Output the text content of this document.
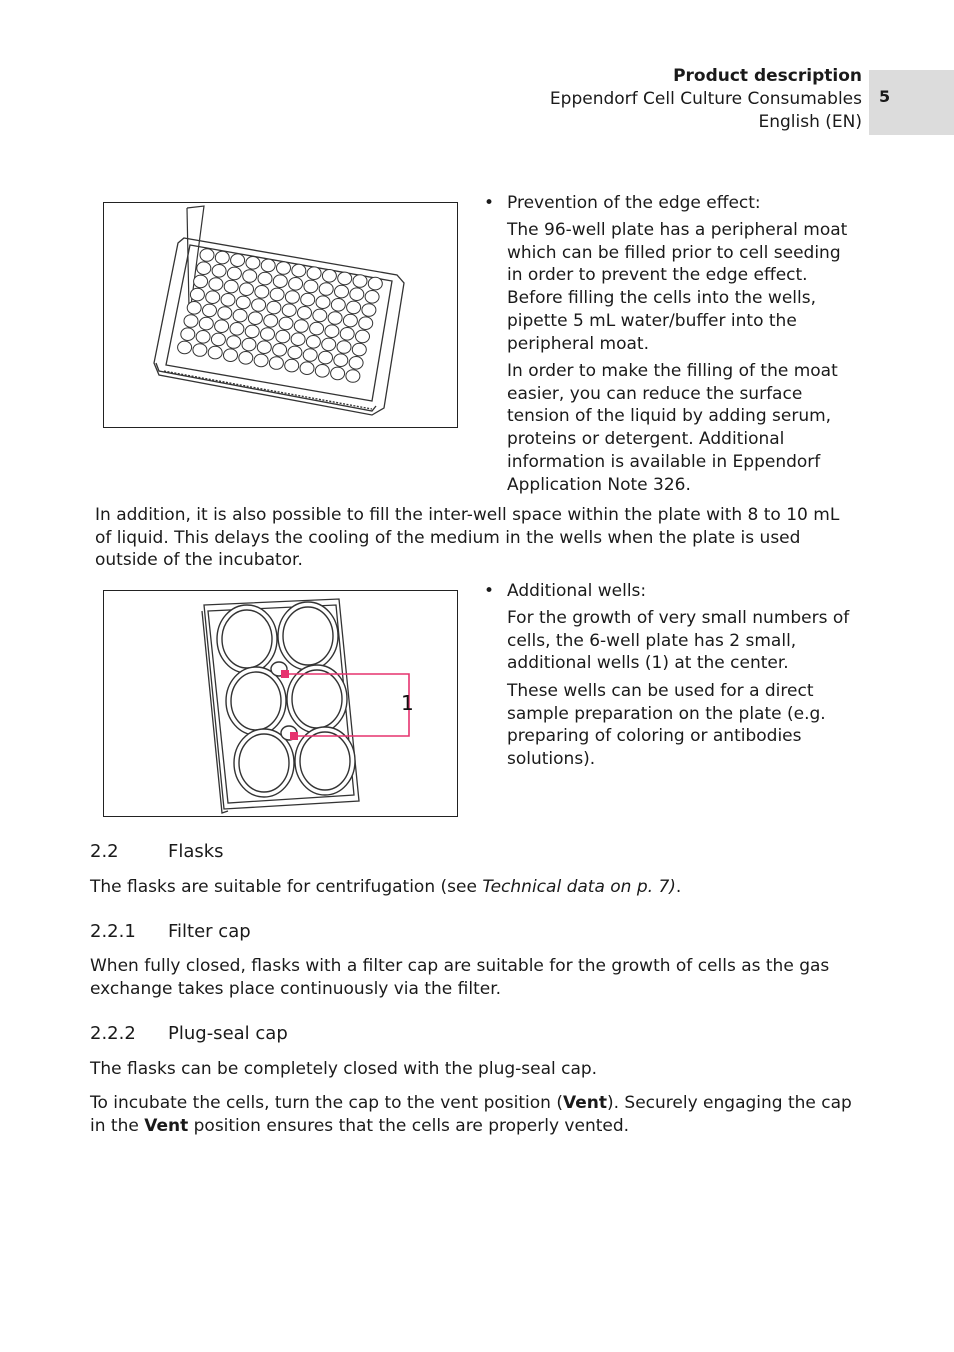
Product description
Eppendorf Cell Culture Consumables
English (EN)
5
• Prevention of the edge effect:
The 96-well plate has a peripheral moat
which can be filled prior to cell seeding
in order to prevent the edge effect.
Before filling the cells into the wells,
pipette 5 mL water/buffer into the
peripheral moat.
In order to make the filling of the moat
easier, you can reduce the surface
tension of the liquid by adding serum,
proteins or detergent. Additional
information is available in Eppendorf
Application Note 326.
In addition, it is also possible to fill the inter-well space within the plate with 8 to 10 mL
of liquid. This delays the cooling of the medium in the wells when the plate is used
outside of the incubator.
1
• Additional wells:
For the growth of very small numbers of
cells, the 6-well plate has 2 small,
additional wells (1) at the center.
These wells can be used for a direct
sample preparation on the plate (e.g.
preparing of coloring or antibodies
solutions).
2.2	Flasks
The flasks are suitable for centrifugation (see Technical data on p. 7).
2.2.1 Filter cap
When fully closed, flasks with a filter cap are suitable for the growth of cells as the gas
exchange takes place continuously via the filter.
2.2.2 Plug-seal cap
The flasks can be completely closed with the plug-seal cap.
To incubate the cells, turn the cap to the vent position (Vent). Securely engaging the cap
in the Vent position ensures that the cells are properly vented.
